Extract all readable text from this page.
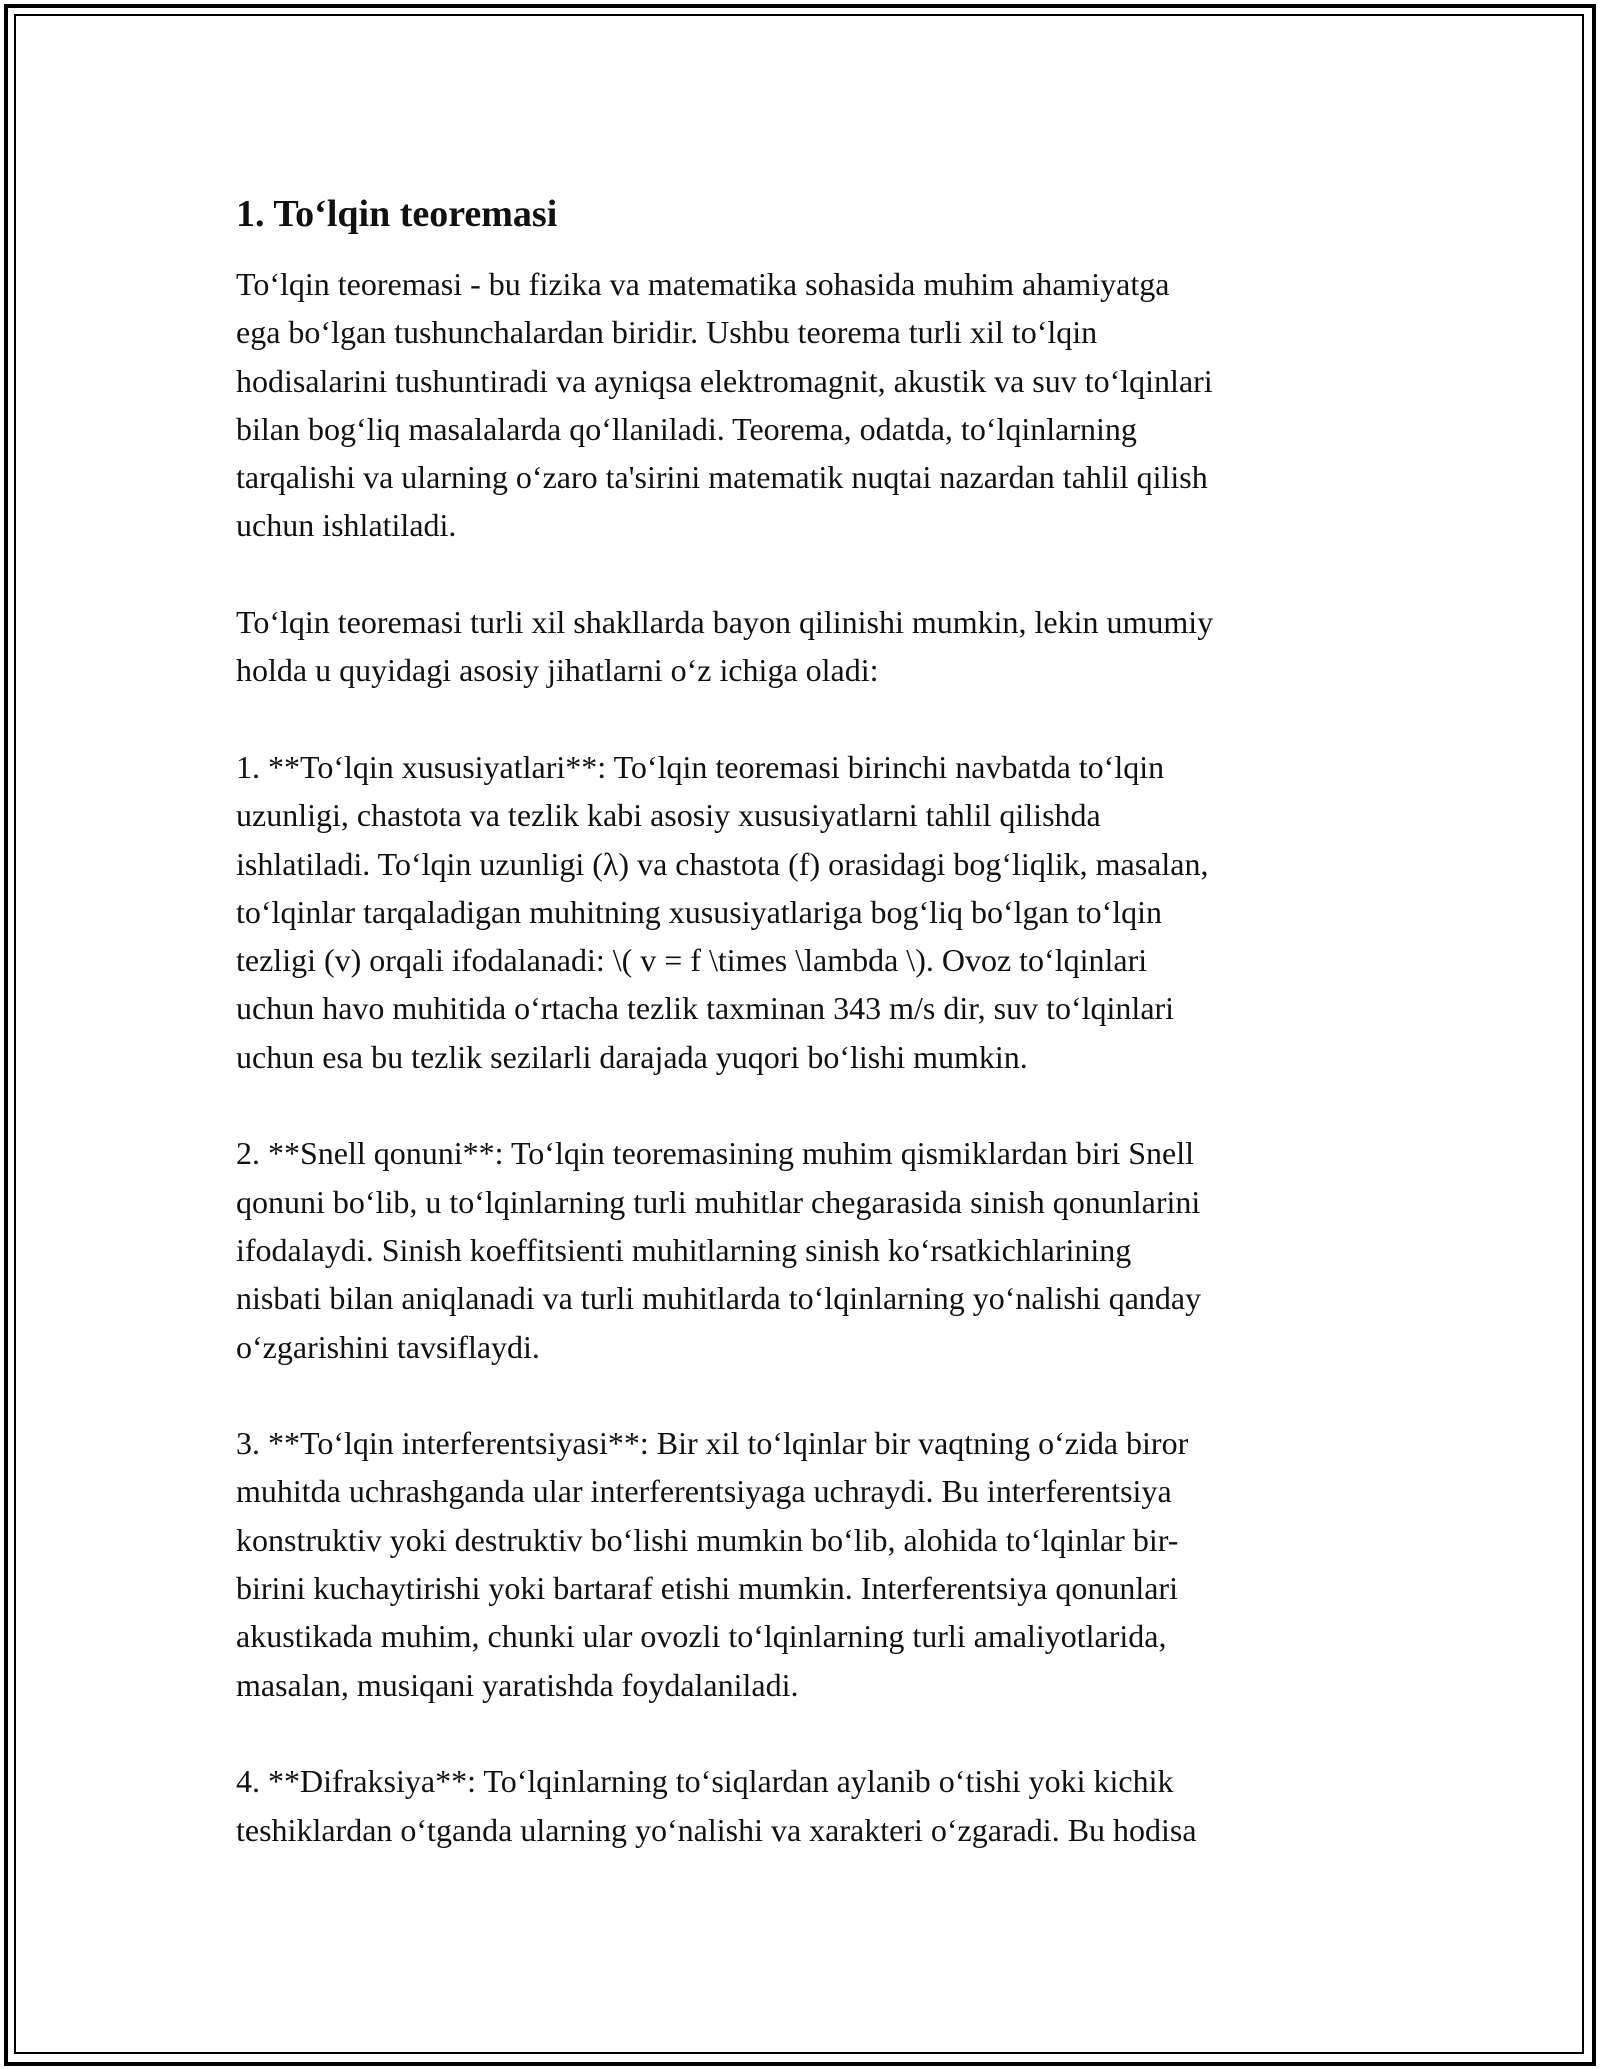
1. To‘lqin teoremasi

To‘lqin teoremasi - bu fizika va matematika sohasida muhim ahamiyatga
ega bo‘lgan tushunchalardan biridir. Ushbu teorema turli xil to‘lqin
hodisalarini tushuntiradi va ayniqsa elektromagnit, akustik va suv to‘lqinlari
bilan bog‘liq masalalarda qo‘llaniladi. Teorema, odatda, to‘lqinlarning
tarqalishi va ularning o‘zaro ta'sirini matematik nuqtai nazardan tahlil qilish
uchun ishlatiladi.

To‘lqin teoremasi turli xil shakllarda bayon qilinishi mumkin, lekin umumiy
holda u quyidagi asosiy jihatlarni o‘z ichiga oladi:

1. **To‘lqin xususiyatlari**: To‘lqin teoremasi birinchi navbatda to‘lqin
uzunligi, chastota va tezlik kabi asosiy xususiyatlarni tahlil qilishda
ishlatiladi. To‘lqin uzunligi (λ) va chastota (f) orasidagi bog‘liqlik, masalan,
to‘lqinlar tarqaladigan muhitning xususiyatlariga bog‘liq bo‘lgan to‘lqin
tezligi (v) orqali ifodalanadi: \( v = f \times \lambda \). Ovoz to‘lqinlari
uchun havo muhitida o‘rtacha tezlik taxminan 343 m/s dir, suv to‘lqinlari
uchun esa bu tezlik sezilarli darajada yuqori bo‘lishi mumkin.

2. **Snell qonuni**: To‘lqin teoremasining muhim qismiklardan biri Snell
qonuni bo‘lib, u to‘lqinlarning turli muhitlar chegarasida sinish qonunlarini
ifodalaydi. Sinish koeffitsienti muhitlarning sinish ko‘rsatkichlarining
nisbati bilan aniqlanadi va turli muhitlarda to‘lqinlarning yo‘nalishi qanday
o‘zgarishini tavsiflaydi.

3. **To‘lqin interferentsiyasi**: Bir xil to‘lqinlar bir vaqtning o‘zida biror
muhitda uchrashganda ular interferentsiyaga uchraydi. Bu interferentsiya
konstruktiv yoki destruktiv bo‘lishi mumkin bo‘lib, alohida to‘lqinlar bir-
birini kuchaytirishi yoki bartaraf etishi mumkin. Interferentsiya qonunlari
akustikada muhim, chunki ular ovozli to‘lqinlarning turli amaliyotlarida,
masalan, musiqani yaratishda foydalaniladi.

4. **Difraksiya**: To‘lqinlarning to‘siqlardan aylanib o‘tishi yoki kichik
teshiklardan o‘tganda ularning yo‘nalishi va xarakteri o‘zgaradi. Bu hodisa
